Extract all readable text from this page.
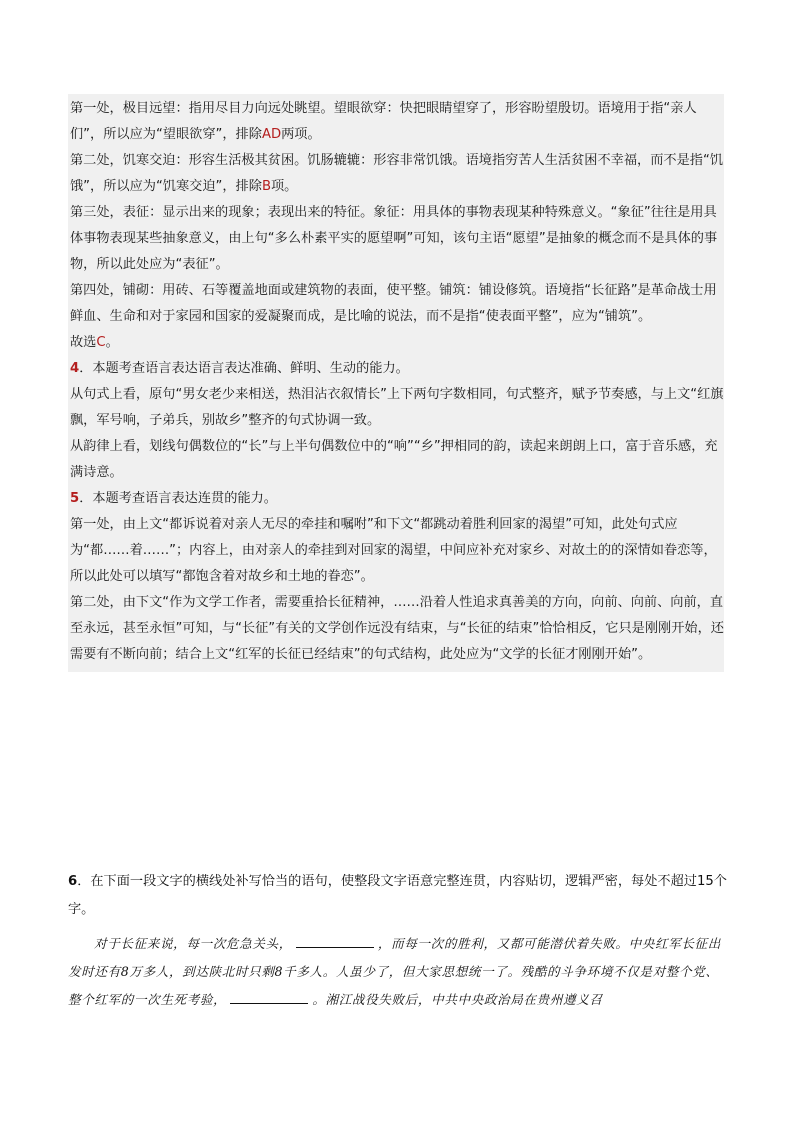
第一处，极目远望：指用尽目力向远处眺望。望眼欲穿：快把眼睛望穿了，形容盼望殷切。语境用于指“亲人们”，所以应为“望眼欲穿”，排除AD两项。

第二处，饥寒交迫：形容生活极其贫困。饥肠辘辘：形容非常饥饿。语境指穷苦人生活贫困不幸福，而不是指“饥饿”，所以应为“饥寒交迫”，排除B项。

第三处，表征：显示出来的现象；表现出来的特征。象征：用具体的事物表现某种特殊意义。“象征”往往是用具体事物表现某些抽象意义，由上句“多么朴素平实的愿望啊”可知，该句主语“愿望”是抽象的概念而不是具体的事物，所以此处应为“表征”。

第四处，铺砌：用砖、石等覆盖地面或建筑物的表面，使平整。铺筑：铺设修筑。语境指“长征路”是革命战士用鲜血、生命和对于家园和国家的爱凝聚而成，是比喻的说法，而不是指“使表面平整”，应为“铺筑”。

故选C。

4．本题考查语言表达语言表达准确、鲜明、生动的能力。

从句式上看，原句“男女老少来相送，热泪沾衣叙情长”上下两句字数相同，句式整齐，赋予节奏感，与上文“红旗飘，军号响，子弟兵，别故乡”整齐的句式协调一致。

从韵律上看，划线句偶数位的“长”与上半句偶数位中的“响”“乡”押相同的韵，读起来朗朗上口，富于音乐感，充满诗意。

5．本题考查语言表达连贯的能力。

第一处，由上文“都诉说着对亲人无尽的牵挂和嘱咐”和下文“都跳动着胜利回家的渴望”可知，此处句式应为“都……着……”；内容上，由对亲人的牵挂到对回家的渴望，中间应补充对家乡、对故土的的深情如眷恋等，所以此处可以填写“都饱含着对故乡和土地的眷恋”。

第二处，由下文“作为文学工作者，需要重拾长征精神，……沿着人性追求真善美的方向，向前、向前、向前，直至永远，甚至永恒”可知，与“长征”有关的文学创作远没有结束，与“长征的结束”恰恰相反，它只是刚刚开始，还需要有不断向前；结合上文“红军的长征已经结束”的句式结构，此处应为“文学的长征才刚刚开始”。

6．在下面一段文字的横线处补写恰当的语句，使整段文字语意完整连贯，内容贴切，逻辑严密，每处不超过15个字。

对于长征来说，每一次危急关头，	，而每一次的胜利，又都可能潜伏着失败。中央红军长征出发时还有8万多人，到达陕北时只剩8千多人。人虽少了，但大家思想统一了。残酷的斗争环境不仅是对整个党、整个红军的一次生死考验，	。湘江战役失败后，中共中央政治局在贵州遵义召
